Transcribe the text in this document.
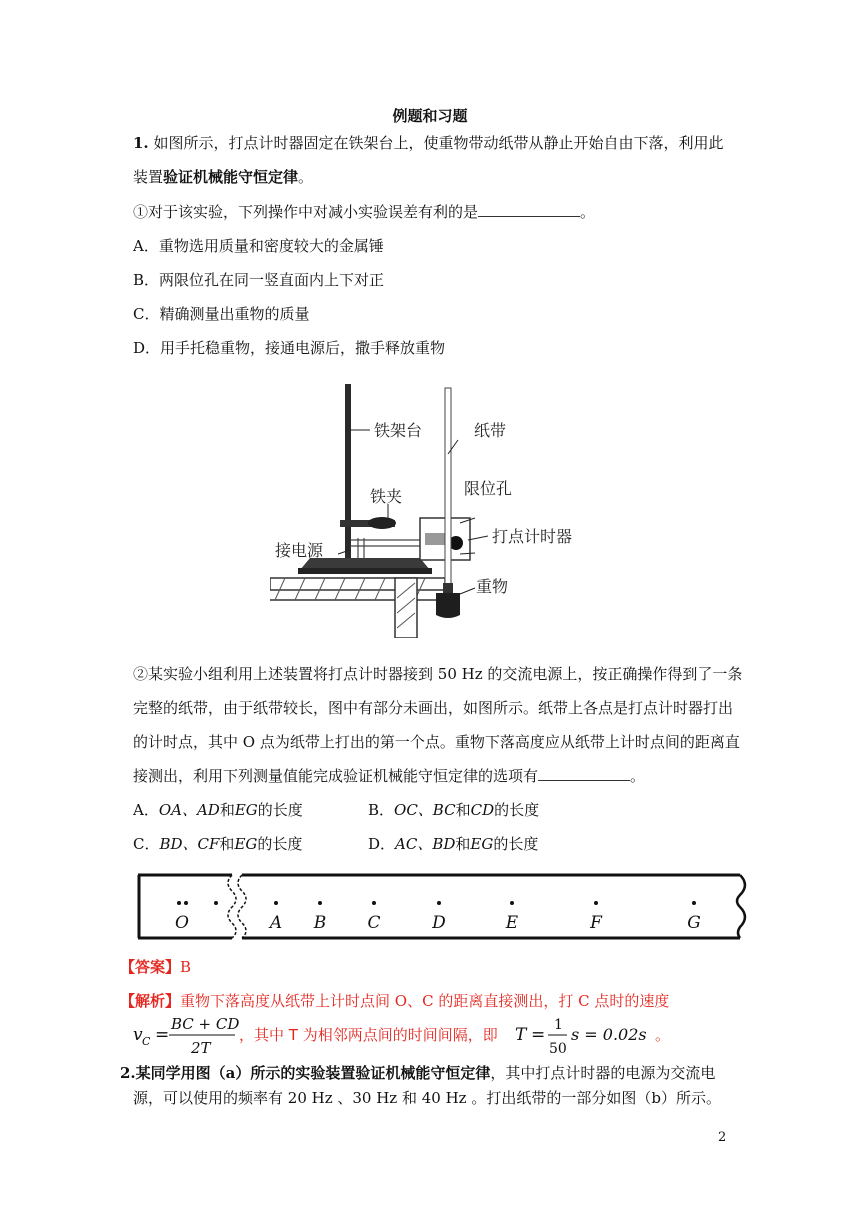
例题和习题
1. 如图所示，打点计时器固定在铁架台上，使重物带动纸带从静止开始自由下落，利用此
装置验证机械能守恒定律。
①对于该实验，下列操作中对减小实验误差有利的是	。
A．重物选用质量和密度较大的金属锤
B．两限位孔在同一竖直面内上下对正
C．精确测量出重物的质量
D．用手托稳重物，接通电源后，撒手释放重物
铁架台	纸带
铁夹	限位孔
接电源
打点计时器
重物
②某实验小组利用上述装置将打点计时器接到 50 Hz 的交流电源上，按正确操作得到了一条
完整的纸带，由于纸带较长，图中有部分未画出，如图所示。纸带上各点是打点计时器打出
的计时点，其中 O 点为纸带上打出的第一个点。重物下落高度应从纸带上计时点间的距离直
接测出，利用下列测量值能完成验证机械能守恒定律的选项有	。
A．OA、AD和EG的长度	B．OC、BC和CD的长度
C．BD、CF和EG的长度	D．AC、BD和EG的长度
O	A B C	D	E	F	G
【答案】B
【解析】重物下落高度从纸带上计时点间 O、C 的距离直接测出，打 C 点时的速度
v C =
BC + CD
2T
，其中 T 为相邻两点间的时间间隔，即 T = 1
50
s = 0.02s 。
2.某同学用图（a）所示的实验装置验证机械能守恒定律，其中打点计时器的电源为交流电
源，可以使用的频率有 20 Hz 、30 Hz 和 40 Hz 。打出纸带的一部分如图（b）所示。
2
